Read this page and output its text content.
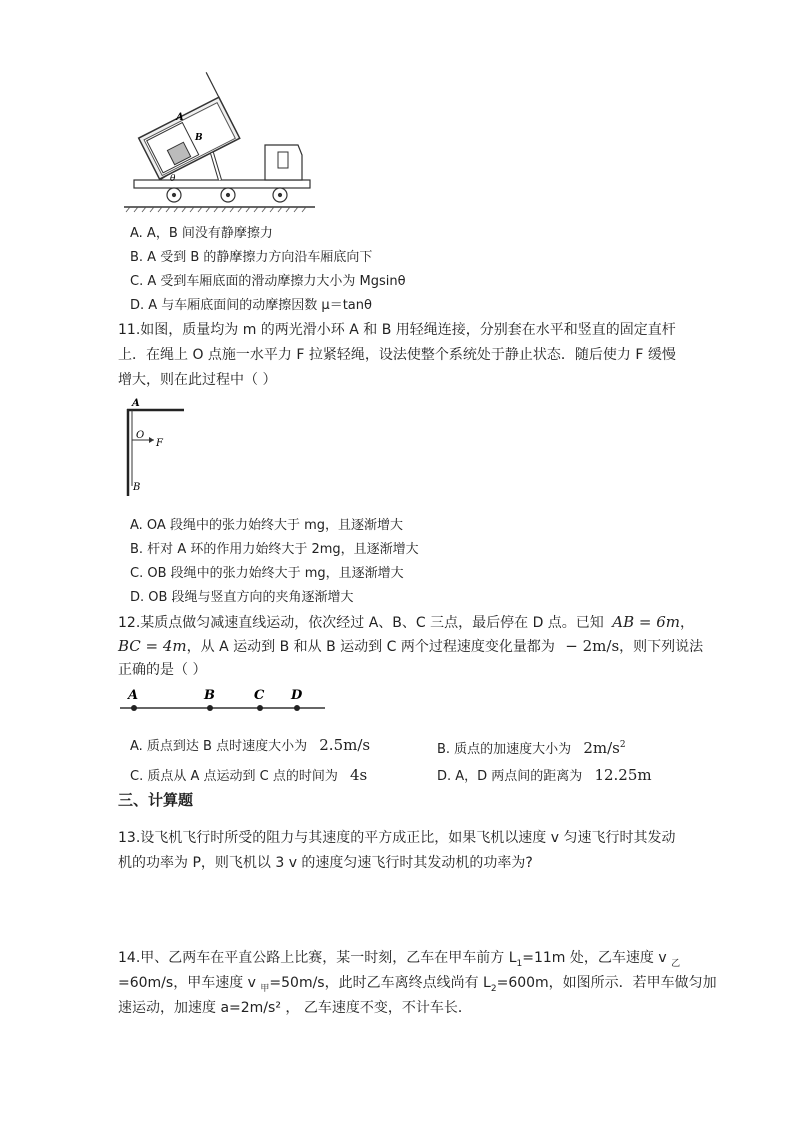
A
B
θ
A. A，B 间没有静摩擦力
B. A 受到 B 的静摩擦力方向沿车厢底向下
C. A 受到车厢底面的滑动摩擦力大小为 Mgsinθ
D. A 与车厢底面间的动摩擦因数 μ＝tanθ
11.如图，质量均为 m 的两光滑小环 A 和 B 用轻绳连接，分别套在水平和竖直的固定直杆
上．在绳上 O 点施一水平力 F 拉紧轻绳，设法使整个系统处于静止状态．随后使力 F 缓慢
增大，则在此过程中（ ）
A
O
F
B
A. OA 段绳中的张力始终大于 mg，且逐渐增大
B. 杆对 A 环的作用力始终大于 2mg，且逐渐增大
C. OB 段绳中的张力始终大于 mg，且逐渐增大
D. OB 段绳与竖直方向的夹角逐渐增大
12.某质点做匀减速直线运动，依次经过 A、B、C 三点，最后停在 D 点。已知 AB = 6m，
BC = 4m，从 A 运动到 B 和从 B 运动到 C 两个过程速度变化量都为 − 2m/s，则下列说法
正确的是（ ）
A	B	C D
A. 质点到达 B 点时速度大小为 2.5m/s	B. 质点的加速度大小为 $2m/s^2$
C. 质点从 A 点运动到 C 点的时间为 4s	D. A，D 两点间的距离为 12.25m
三、计算题
13.设飞机飞行时所受的阻力与其速度的平方成正比，如果飞机以速度 v 匀速飞行时其发动
机的功率为 P，则飞机以 3 v 的速度匀速飞行时其发动机的功率为?
14.甲、乙两车在平直公路上比赛，某一时刻，乙车在甲车前方 $L_1=11m$ 处，乙车速度 v $_乙$
=60m/s，甲车速度 v $_甲$=50m/s，此时乙车离终点线尚有 $L_2=600m$，如图所示．若甲车做匀加
速运动，加速度 a=2m/s² ， 乙车速度不变，不计车长．
